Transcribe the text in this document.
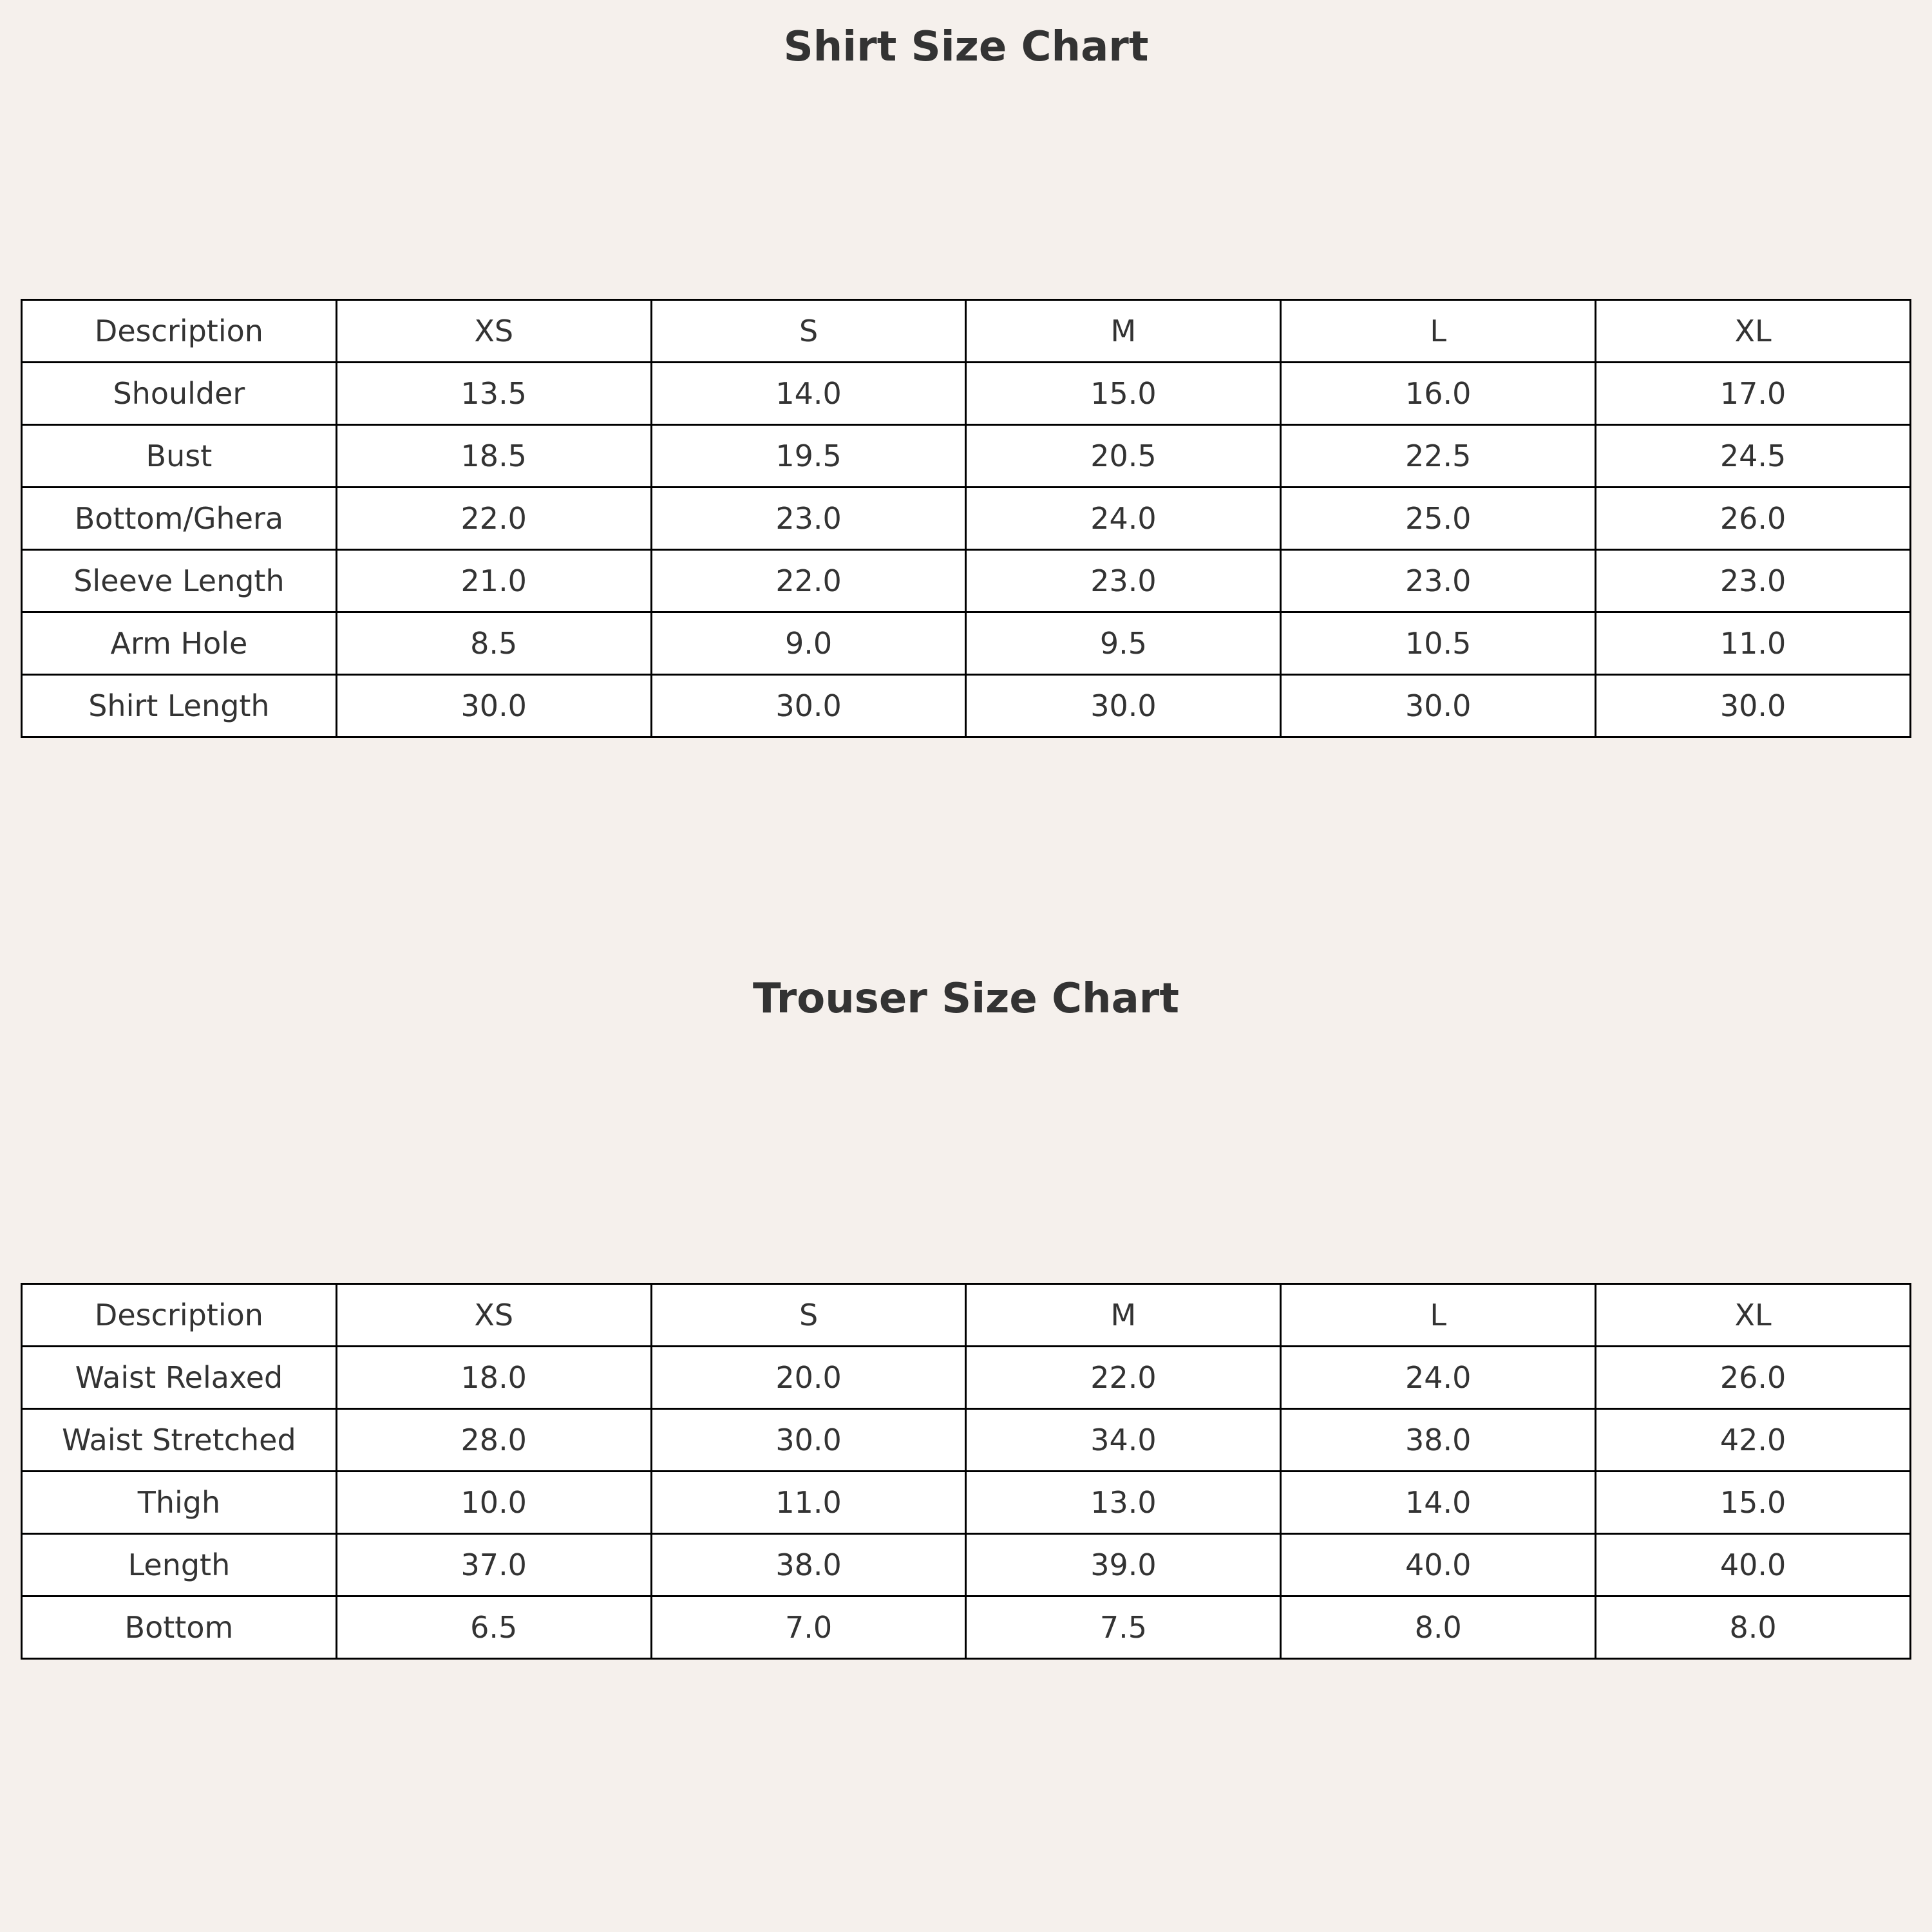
Shirt Size Chart
Description	XS	S	M	L	XL
Shoulder	13.5	14.0	15.0	16.0	17.0
Bust	18.5	19.5	20.5	22.5	24.5
Bottom/Ghera	22.0	23.0	24.0	25.0	26.0
Sleeve Length	21.0	22.0	23.0	23.0	23.0
Arm Hole	8.5	9.0	9.5	10.5	11.0
Shirt Length	30.0	30.0	30.0	30.0	30.0
Trouser Size Chart
Description	XS	S	M	L	XL
Waist Relaxed	18.0	20.0	22.0	24.0	26.0
Waist Stretched	28.0	30.0	34.0	38.0	42.0
Thigh	10.0	11.0	13.0	14.0	15.0
Length	37.0	38.0	39.0	40.0	40.0
Bottom	6.5	7.0	7.5	8.0	8.0
